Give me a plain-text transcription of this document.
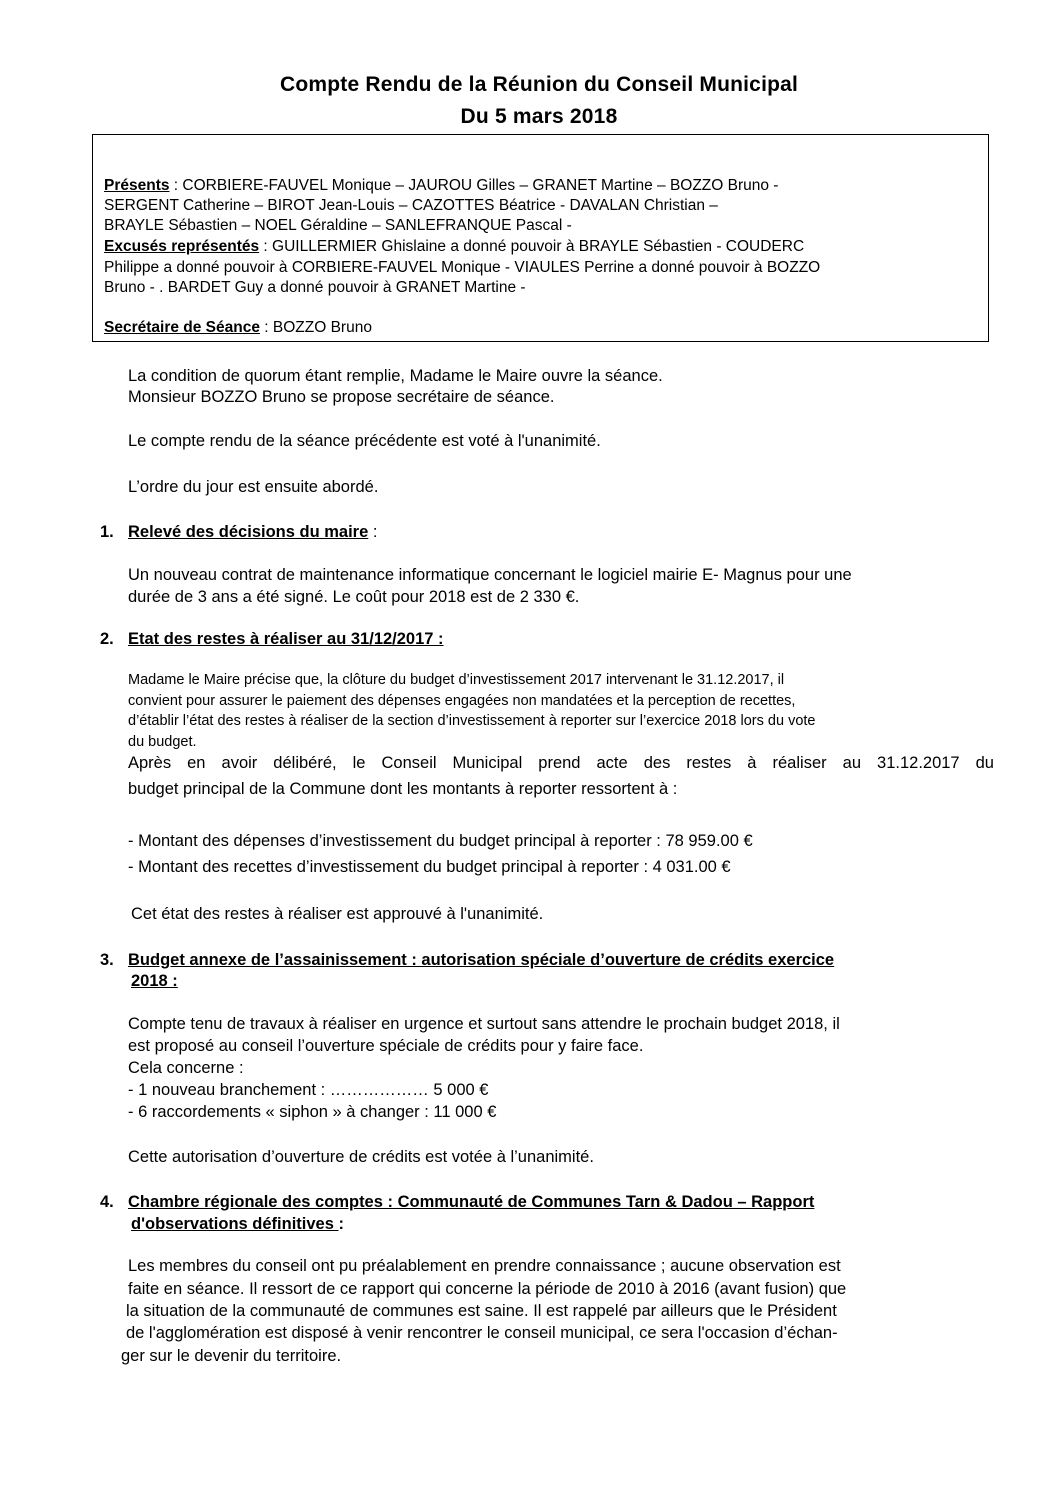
Compte Rendu de la Réunion du Conseil Municipal
Du 5 mars 2018
Présents : CORBIERE-FAUVEL Monique – JAUROU Gilles – GRANET Martine – BOZZO Bruno -
SERGENT Catherine – BIROT Jean-Louis – CAZOTTES Béatrice - DAVALAN Christian –
BRAYLE Sébastien – NOEL Géraldine – SANLEFRANQUE Pascal -
Excusés représentés : GUILLERMIER Ghislaine a donné pouvoir à BRAYLE Sébastien - COUDERC
Philippe a donné pouvoir à CORBIERE-FAUVEL Monique - VIAULES Perrine a donné pouvoir à BOZZO
Bruno - . BARDET Guy a donné pouvoir à GRANET Martine -
Secrétaire de Séance : BOZZO Bruno
La condition de quorum étant remplie, Madame le Maire ouvre la séance.
Monsieur BOZZO Bruno se propose secrétaire de séance.
Le compte rendu de la séance précédente est voté à l'unanimité.
L’ordre du jour est ensuite abordé.
1. Relevé des décisions du maire :
Un nouveau contrat de maintenance informatique concernant le logiciel mairie E- Magnus pour une
durée de 3 ans a été signé. Le coût pour 2018 est de 2 330 €.
2. Etat des restes à réaliser au 31/12/2017 :
Madame le Maire précise que, la clôture du budget d’investissement 2017 intervenant le 31.12.2017, il
convient pour assurer le paiement des dépenses engagées non mandatées et la perception de recettes,
d’établir l’état des restes à réaliser de la section d’investissement à reporter sur l’exercice 2018 lors du vote
du budget.
Après en avoir délibéré, le Conseil Municipal prend acte des restes à réaliser au 31.12.2017 du
budget principal de la Commune dont les montants à reporter ressortent à :
- Montant des dépenses d’investissement du budget principal à reporter : 78 959.00 €
- Montant des recettes d’investissement du budget principal à reporter : 4 031.00 €
Cet état des restes à réaliser est approuvé à l'unanimité.
3. Budget annexe de l’assainissement : autorisation spéciale d’ouverture de crédits exercice
2018 :
Compte tenu de travaux à réaliser en urgence et surtout sans attendre le prochain budget 2018, il
est proposé au conseil l’ouverture spéciale de crédits pour y faire face.
Cela concerne :
- 1 nouveau branchement : ……………… 5 000 €
- 6 raccordements « siphon » à changer : 11 000 €
Cette autorisation d’ouverture de crédits est votée à l’unanimité.
4. Chambre régionale des comptes : Communauté de Communes Tarn & Dadou – Rapport
d'observations définitives :
Les membres du conseil ont pu préalablement en prendre connaissance ; aucune observation est
faite en séance. Il ressort de ce rapport qui concerne la période de 2010 à 2016 (avant fusion) que
la situation de la communauté de communes est saine. Il est rappelé par ailleurs que le Président
de l'agglomération est disposé à venir rencontrer le conseil municipal, ce sera l'occasion d’échan-
ger sur le devenir du territoire.
